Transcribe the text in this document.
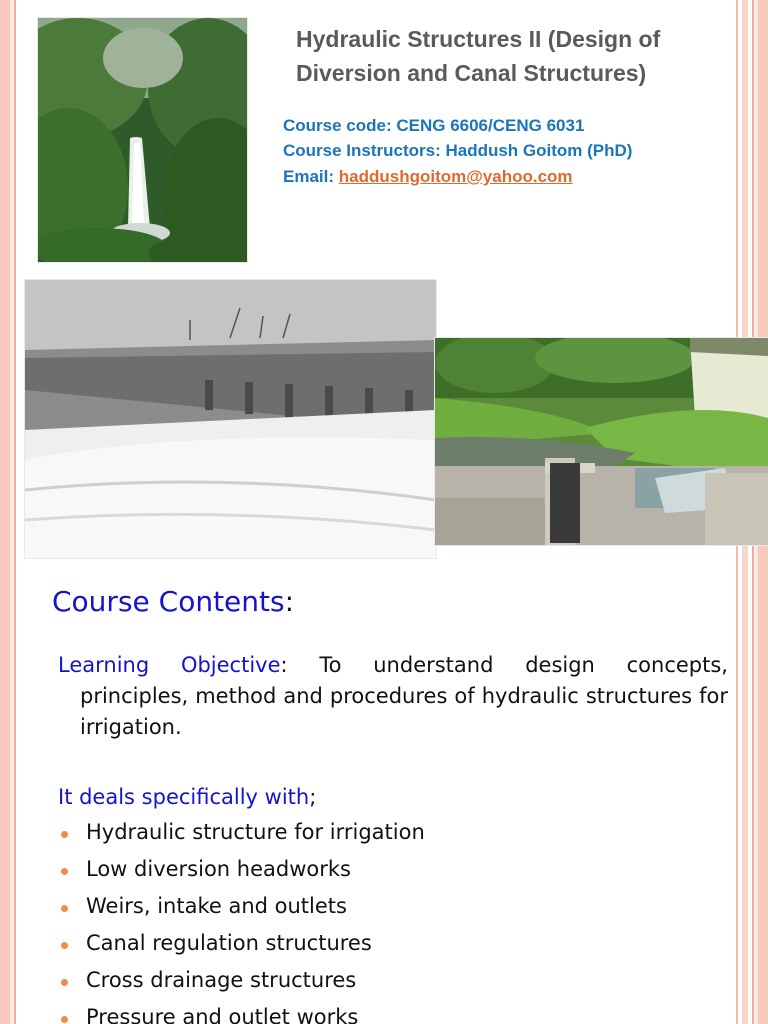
Hydraulic Structures II (Design of Diversion and Canal Structures)
Course code: CENG 6606/CENG 6031
Course Instructors: Haddush Goitom (PhD)
Email: haddushgoitom@yahoo.com
Course Contents:
Learning Objective: To understand design concepts,
principles, method and procedures of hydraulic structures for irrigation.
It deals specifically with;
Hydraulic structure for irrigation
Low diversion headworks
Weirs, intake and outlets
Canal regulation structures
Cross drainage structures
Pressure and outlet works
